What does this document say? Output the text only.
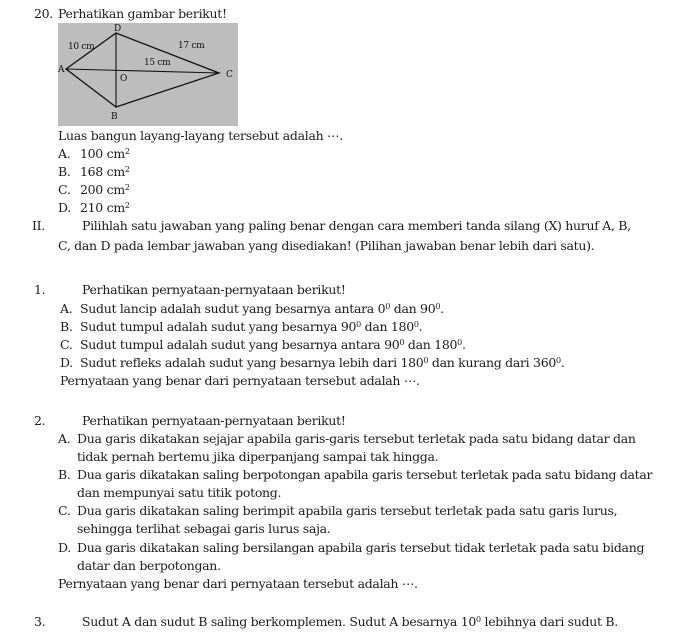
20. Perhatikan gambar berikut!
D
10 cm	17 cm
15 cm
A
O	C
B
Luas bangun layang-layang tersebut adalah ⋯.
A. 100 $cm^2$
B. 168 $cm^2$
C. 200 $cm^2$
D. 210 $cm^2$
II.	Pilihlah satu jawaban yang paling benar dengan cara memberi tanda silang (X) huruf A, B,
C, dan D pada lembar jawaban yang disediakan! (Pilihan jawaban benar lebih dari satu).
1.	Perhatikan pernyataan-pernyataan berikut!
A. Sudut lancip adalah sudut yang besarnya antara $0^0$ dan $90^0$.
B. Sudut tumpul adalah sudut yang besarnya $90^0$ dan $180^0$.
C. Sudut tumpul adalah sudut yang besarnya antara $90^0$ dan $180^0$.
D. Sudut refleks adalah sudut yang besarnya lebih dari $180^0$ dan kurang dari $360^0$.
Pernyataan yang benar dari pernyataan tersebut adalah ⋯.
2.	Perhatikan pernyataan-pernyataan berikut!
A. Dua garis dikatakan sejajar apabila garis-garis tersebut terletak pada satu bidang datar dan
tidak pernah bertemu jika diperpanjang sampai tak hingga.
B. Dua garis dikatakan saling berpotongan apabila garis tersebut terletak pada satu bidang datar
dan mempunyai satu titik potong.
C. Dua garis dikatakan saling berimpit apabila garis tersebut terletak pada satu garis lurus,
sehingga terlihat sebagai garis lurus saja.
D. Dua garis dikatakan saling bersilangan apabila garis tersebut tidak terletak pada satu bidang
datar dan berpotongan.
Pernyataan yang benar dari pernyataan tersebut adalah ⋯.
3.	Sudut A dan sudut B saling berkomplemen. Sudut A besarnya $10^0$ lebihnya dari sudut B.
